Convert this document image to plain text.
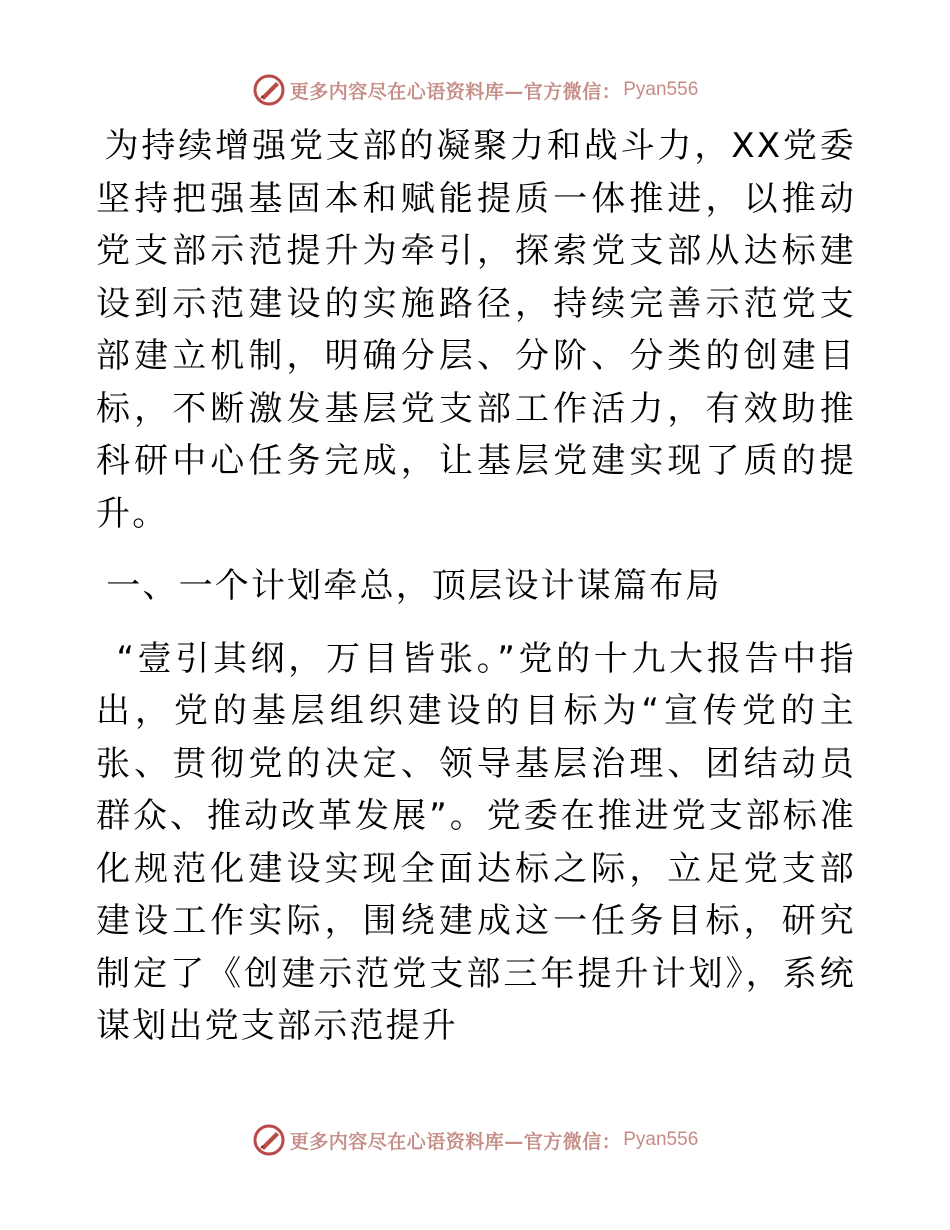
更多内容尽在心语资料库—官方微信： Pyan556

为持续增强党支部的凝聚力和战斗力，XX党委坚持把强基固本和赋能提质一体推进，以推动党支部示范提升为牵引，探索党支部从达标建设到示范建设的实施路径，持续完善示范党支部建立机制，明确分层、分阶、分类的创建目标，不断激发基层党支部工作活力，有效助推科研中心任务完成，让基层党建实现了质的提升。

一、一个计划牵总，顶层设计谋篇布局

“壹引其纲，万目皆张。”党的十九大报告中指出，党的基层组织建设的目标为“宣传党的主张、贯彻党的决定、领导基层治理、团结动员群众、推动改革发展”。党委在推进党支部标准化规范化建设实现全面达标之际，立足党支部建设工作实际，围绕建成这一任务目标，研究制定了《创建示范党支部三年提升计划》，系统谋划出党支部示范提升

更多内容尽在心语资料库—官方微信： Pyan556
